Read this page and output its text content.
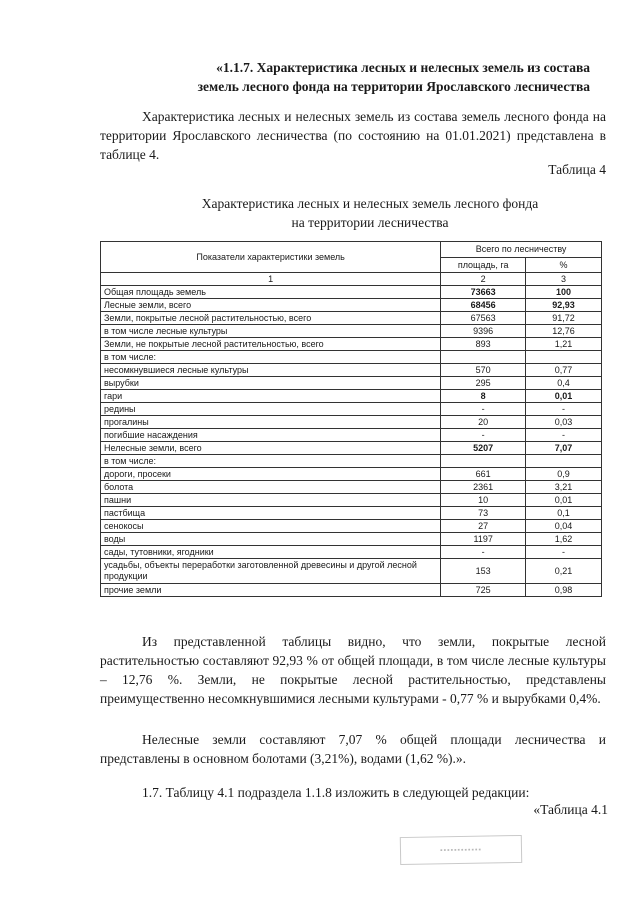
«1.1.7. Характеристика лесных и нелесных земель из состава
земель лесного фонда на территории Ярославского лесничества
Характеристика лесных и нелесных земель из состава земель лесного фонда на территории Ярославского лесничества (по состоянию на 01.01.2021) представлена в таблице 4.
Таблица 4
Характеристика лесных и нелесных земель лесного фонда
на территории лесничества
Показатели характеристики земель	Всего по лесничеству	
	площадь, га	%
1	2	3
Общая площадь земель	73663	100
Лесные земли, всего	68456	92,93
Земли, покрытые лесной растительностью, всего	67563	91,72
в том числе лесные культуры	9396	12,76
Земли, не покрытые лесной растительностью, всего	893	1,21
в том числе:		
несомкнувшиеся лесные культуры	570	0,77
вырубки	295	0,4
гари	8	0,01
редины	-	-
прогалины	20	0,03
погибшие насаждения	-	-
Нелесные земли, всего	5207	7,07
в том числе:		
дороги, просеки	661	0,9
болота	2361	3,21
пашни	10	0,01
пастбища	73	0,1
сенокосы	27	0,04
воды	1197	1,62
сады, тутовники, ягодники	-	-
усадьбы, объекты переработки заготовленной древесины и другой лесной продукции	153	0,21
прочие земли	725	0,98
Из представленной таблицы видно, что земли, покрытые лесной растительностью составляют 92,93 % от общей площади, в том числе лесные культуры – 12,76 %. Земли, не покрытые лесной растительностью, представлены преимущественно несомкнувшимися лесными культурами - 0,77 % и вырубками 0,4%.
Нелесные земли составляют 7,07 % общей площади лесничества и представлены в основном болотами (3,21%), водами (1,62 %).».
1.7. Таблицу 4.1 подраздела 1.1.8 изложить в следующей редакции:
«Таблица 4.1
▪▪▪▪▪▪▪▪▪▪▪▪
